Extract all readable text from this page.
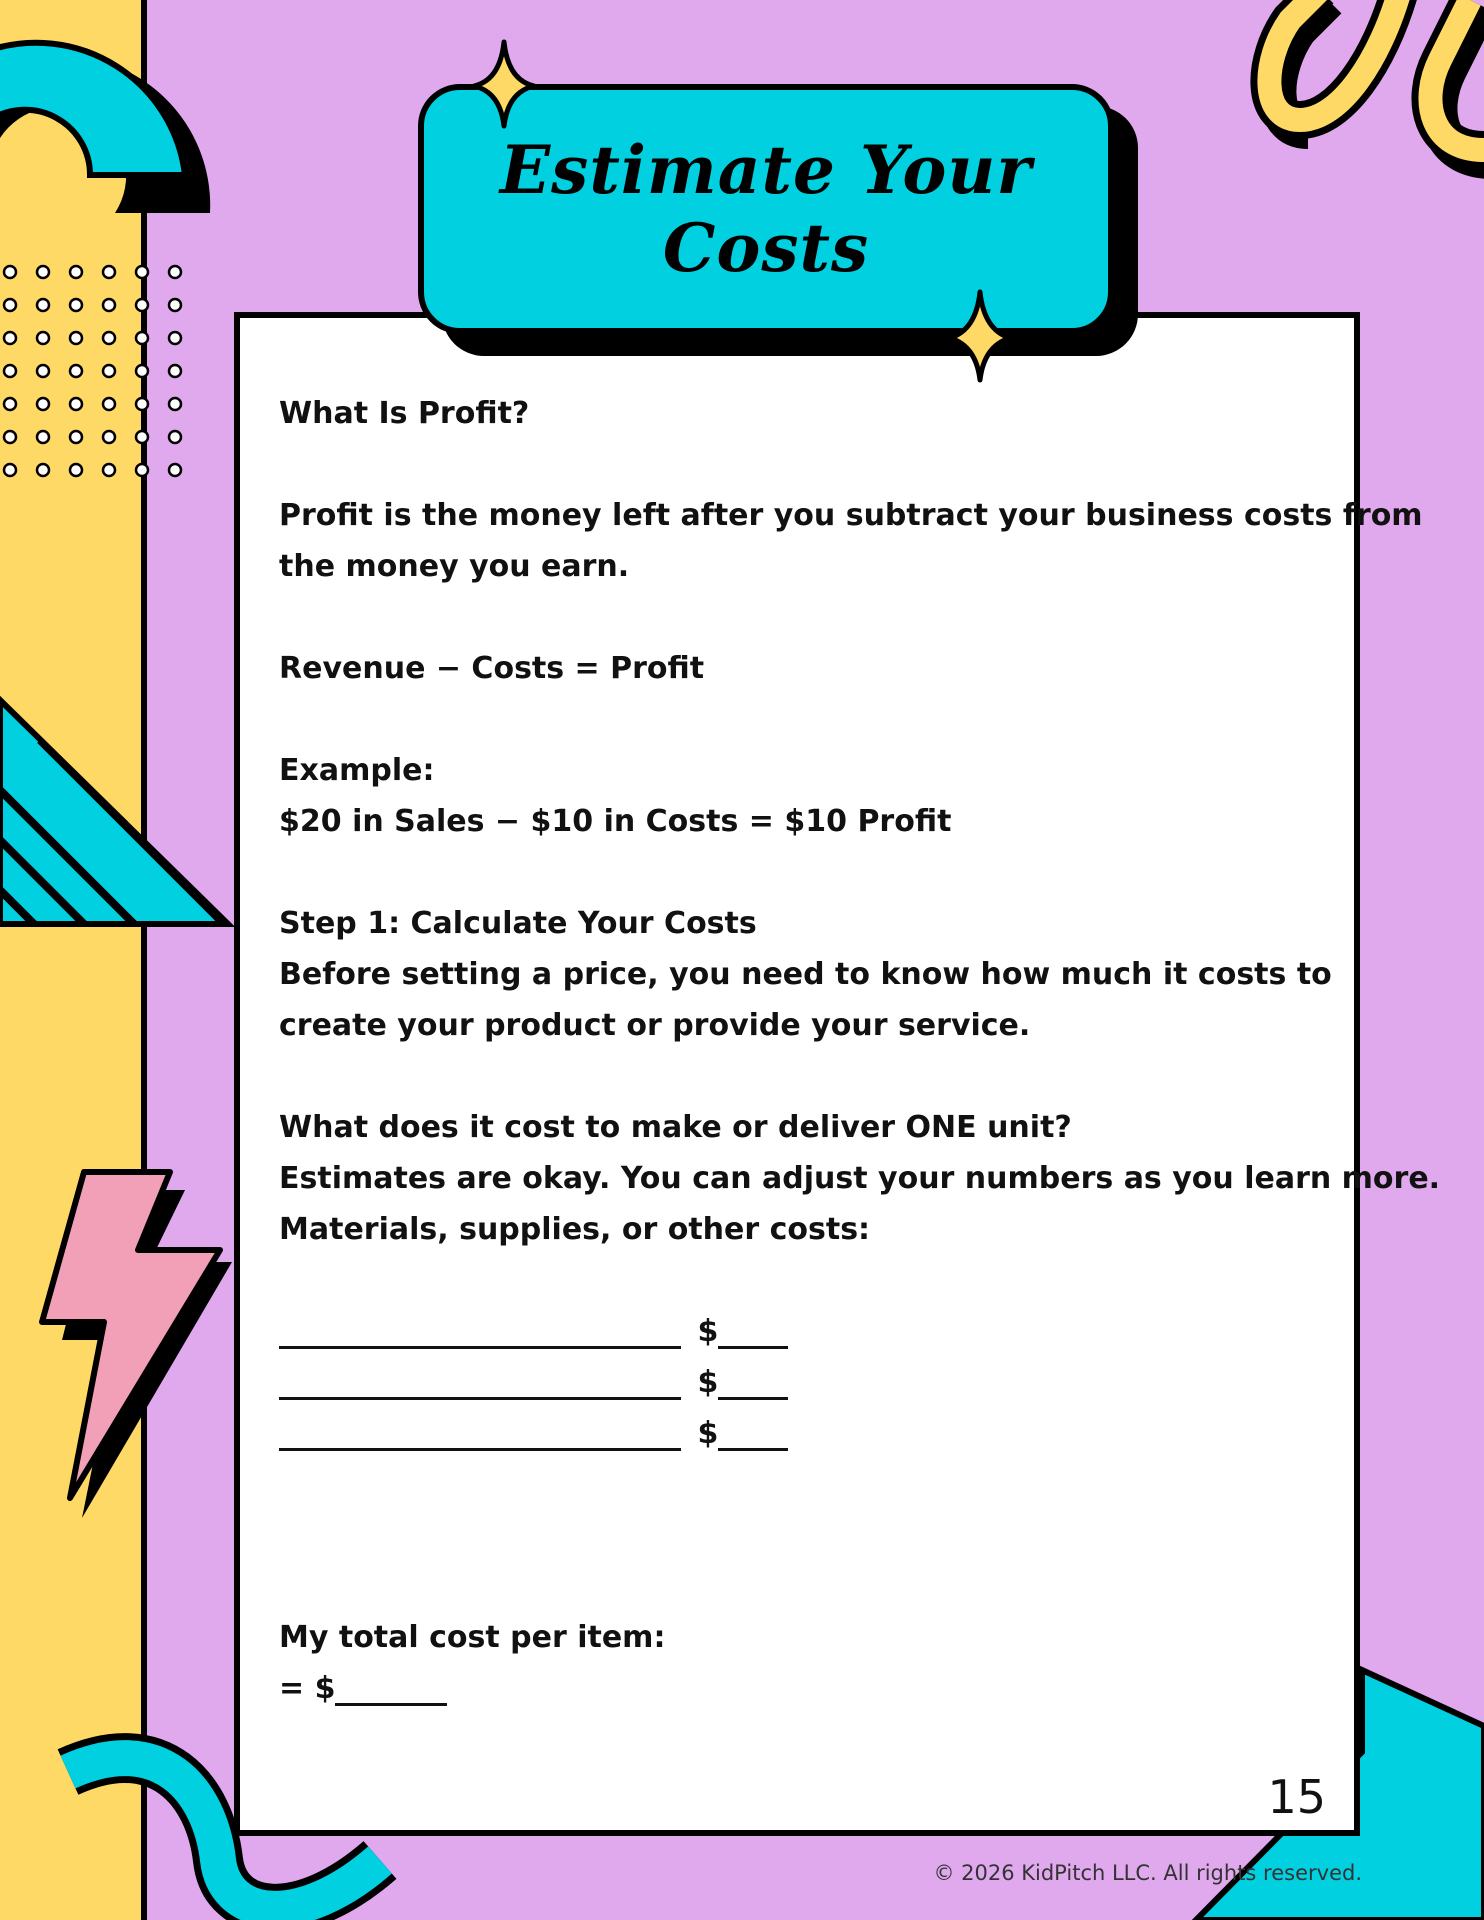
Estimate Your Costs

What Is Profit?

Profit is the money left after you subtract your business costs from

the money you earn.

Revenue − Costs = Profit

Example:

$20 in Sales − $10 in Costs = $10 Profit

Step 1: Calculate Your Costs

Before setting a price, you need to know how much it costs to

create your product or provide your service.

What does it cost to make or deliver ONE unit?

Estimates are okay. You can adjust your numbers as you learn more.

Materials, supplies, or other costs:

$

$

$

My total cost per item:

= $

15
© 2026 KidPitch LLC. All rights reserved.
